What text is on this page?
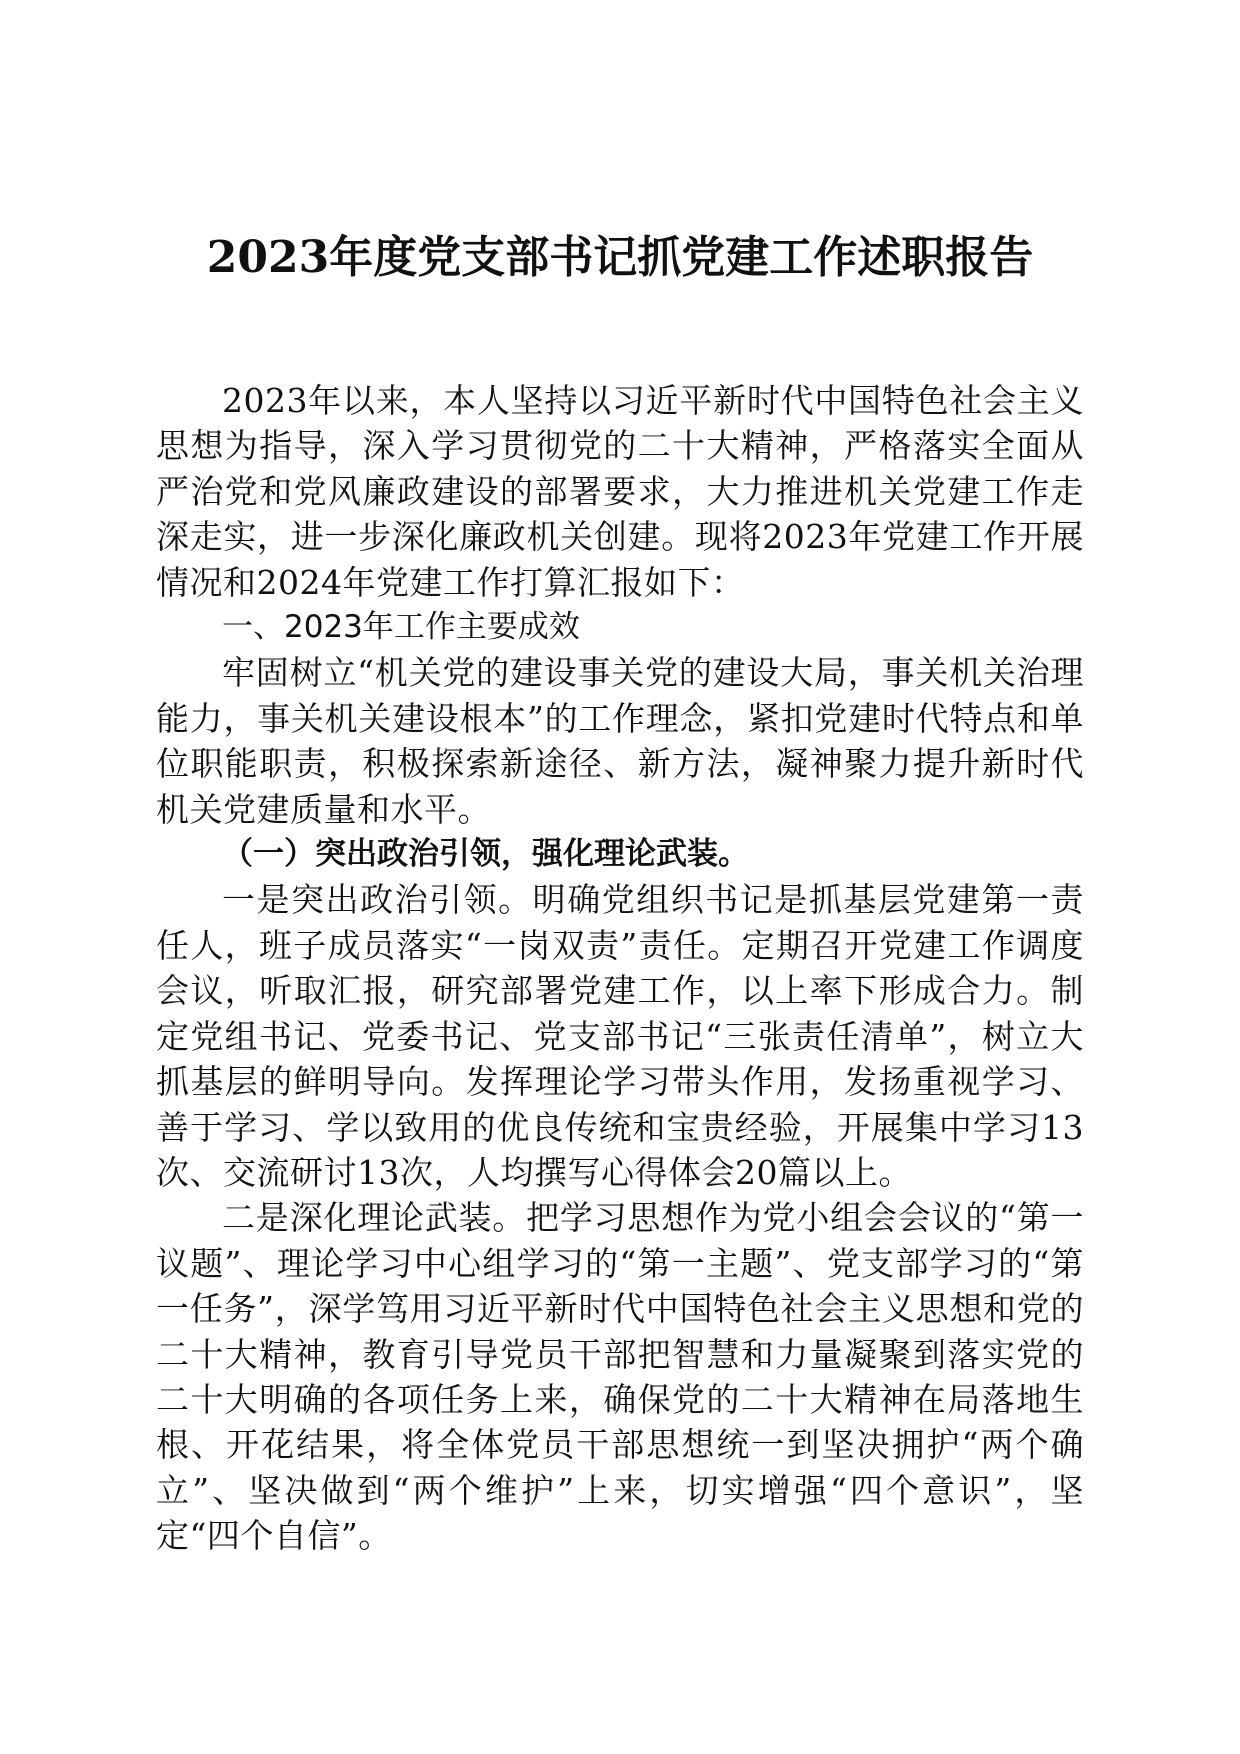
2023年度党支部书记抓党建工作述职报告

2023年以来，本人坚持以习近平新时代中国特色社会主义思想为指导，深入学习贯彻党的二十大精神，严格落实全面从严治党和党风廉政建设的部署要求，大力推进机关党建工作走深走实，进一步深化廉政机关创建。现将2023年党建工作开展情况和2024年党建工作打算汇报如下：

一、2023年工作主要成效

牢固树立“机关党的建设事关党的建设大局，事关机关治理能力，事关机关建设根本”的工作理念，紧扣党建时代特点和单位职能职责，积极探索新途径、新方法，凝神聚力提升新时代机关党建质量和水平。

（一）突出政治引领，强化理论武装。

一是突出政治引领。明确党组织书记是抓基层党建第一责任人，班子成员落实“一岗双责”责任。定期召开党建工作调度会议，听取汇报，研究部署党建工作，以上率下形成合力。制定党组书记、党委书记、党支部书记“三张责任清单”，树立大抓基层的鲜明导向。发挥理论学习带头作用，发扬重视学习、善于学习、学以致用的优良传统和宝贵经验，开展集中学习13次、交流研讨13次，人均撰写心得体会20篇以上。

二是深化理论武装。把学习思想作为党小组会会议的“第一议题”、理论学习中心组学习的“第一主题”、党支部学习的“第一任务”，深学笃用习近平新时代中国特色社会主义思想和党的二十大精神，教育引导党员干部把智慧和力量凝聚到落实党的二十大明确的各项任务上来，确保党的二十大精神在局落地生根、开花结果，将全体党员干部思想统一到坚决拥护“两个确立”、坚决做到“两个维护”上来，切实增强“四个意识”，坚定“四个自信”。
